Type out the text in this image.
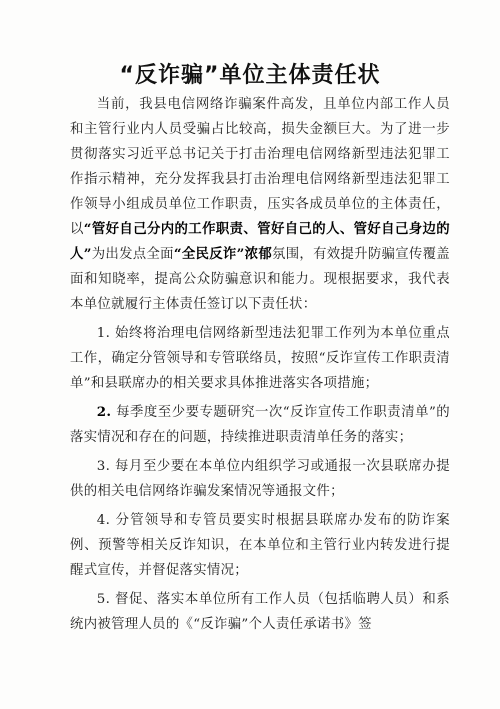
“反诈骗”单位主体责任状

当前，我县电信网络诈骗案件高发，且单位内部工作人员和主管行业内人员受骗占比较高，损失金额巨大。为了进一步贯彻落实习近平总书记关于打击治理电信网络新型违法犯罪工作指示精神，充分发挥我县打击治理电信网络新型违法犯罪工作领导小组成员单位工作职责，压实各成员单位的主体责任，以“管好自己分内的工作职责、管好自己的人、管好自己身边的人”为出发点全面“全民反诈”浓郁氛围，有效提升防骗宣传覆盖面和知晓率，提高公众防骗意识和能力。现根据要求，我代表本单位就履行主体责任签订以下责任状：

1. 始终将治理电信网络新型违法犯罪工作列为本单位重点工作，确定分管领导和专管联络员，按照“反诈宣传工作职责清单”和县联席办的相关要求具体推进落实各项措施；

2. 每季度至少要专题研究一次“反诈宣传工作职责清单”的落实情况和存在的问题，持续推进职责清单任务的落实；

3. 每月至少要在本单位内组织学习或通报一次县联席办提供的相关电信网络诈骗发案情况等通报文件；

4. 分管领导和专管员要实时根据县联席办发布的防诈案例、预警等相关反诈知识，在本单位和主管行业内转发进行提醒式宣传，并督促落实情况；

5. 督促、落实本单位所有工作人员（包括临聘人员）和系统内被管理人员的《“反诈骗”个人责任承诺书》签
